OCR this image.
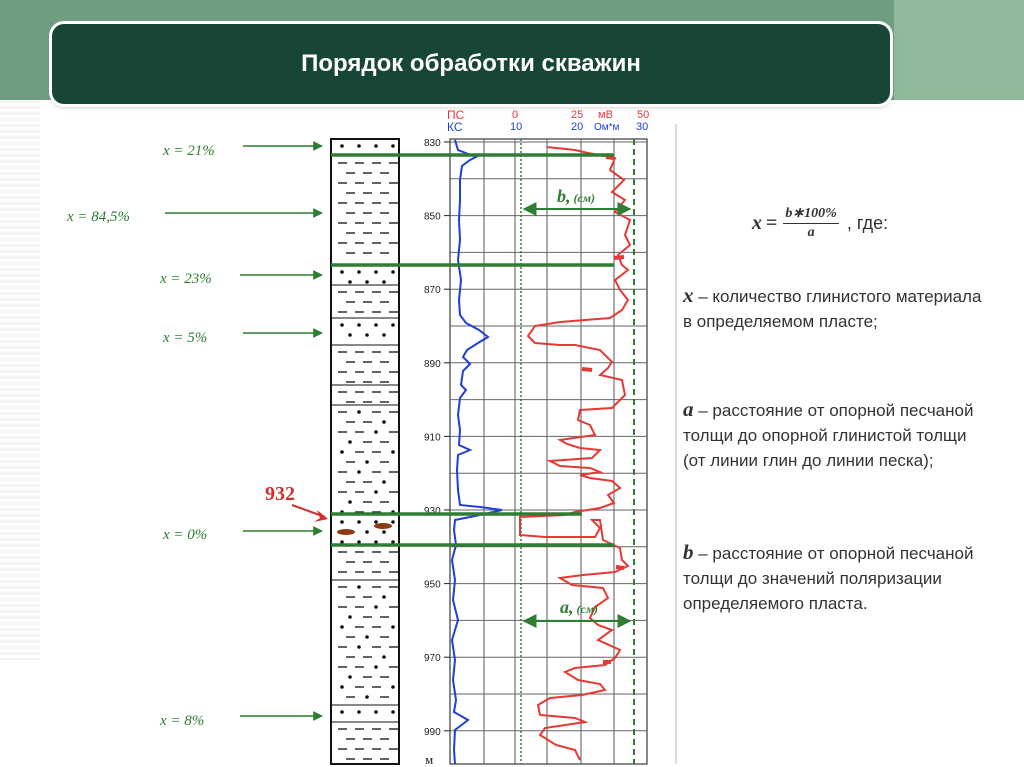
Порядок обработки скважин
ПС
КС
0
10
25
20
мВ
Ом*м
50
30
м
830
850
870
890
910
930
950
970
990
b, (см)
a, (см)
x = 21%
x = 84,5%
x = 23%
x = 5%
x = 0%
x = 8%
932
$x = \frac{b∗100\%}{a}$ , где:
x – количество глинистого материала в определяемом пласте;
a – расстояние от опорной песчаной толщи до опорной глинистой толщи (от линии глин до линии песка);
b – расстояние от опорной песчаной толщи до значений поляризации определяемого пласта.
